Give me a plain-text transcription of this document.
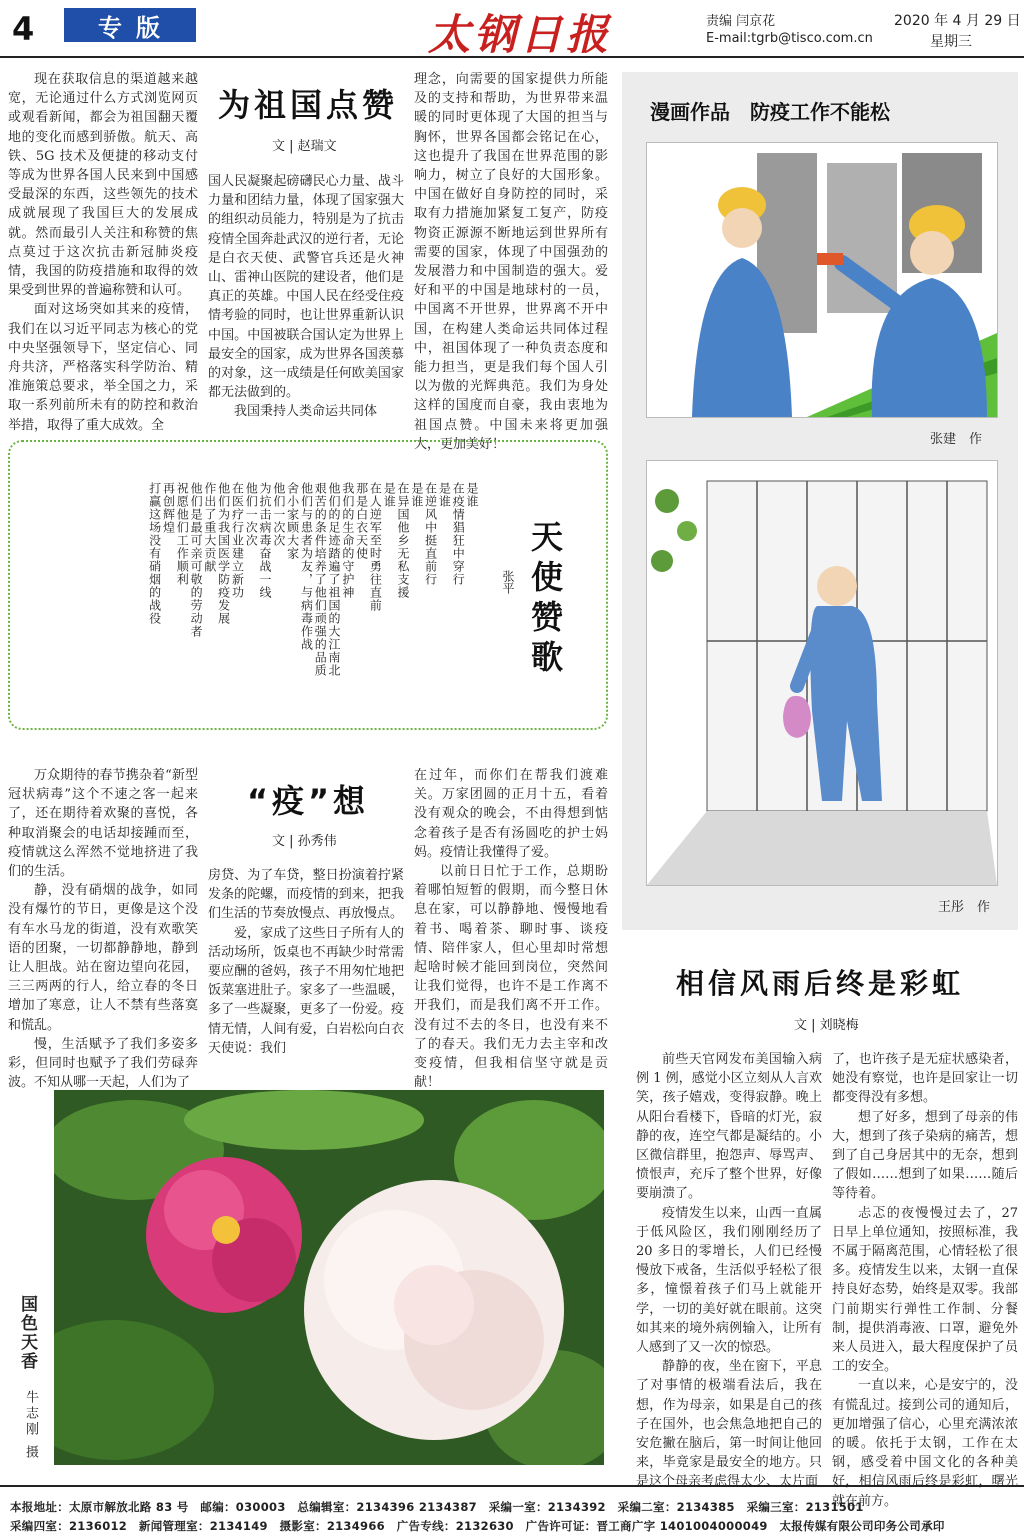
4	专版	太钢日报	责编 闫京花
E-mail:tgrb@tisco.com.cn
2020 年 4 月 29 日
星期三

现在获取信息的渠道越来越宽，无论通过什么方式浏览网页或观看新闻，都会为祖国翻天覆地的变化而感到骄傲。航天、高铁、5G 技术及便捷的移动支付等成为世界各国人民来到中国感受最深的东西，这些领先的技术成就展现了我国巨大的发展成就。然而最引人关注和称赞的焦点莫过于这次抗击新冠肺炎疫情，我国的防疫措施和取得的效果受到世界的普遍称赞和认可。

面对这场突如其来的疫情，我们在以习近平同志为核心的党中央坚强领导下，坚定信心、同舟共济，严格落实科学防治、精准施策总要求，举全国之力，采取一系列前所未有的防控和救治举措，取得了重大成效。全

为祖国点赞
文 | 赵瑞文

国人民凝聚起磅礴民心力量、战斗力量和团结力量，体现了国家强大的组织动员能力，特别是为了抗击疫情全国奔赴武汉的逆行者，无论是白衣天使、武警官兵还是火神山、雷神山医院的建设者，他们是真正的英雄。中国人民在经受住疫情考验的同时，也让世界重新认识中国。中国被联合国认定为世界上最安全的国家，成为世界各国羡慕的对象，这一成绩是任何欧美国家都无法做到的。

我国秉持人类命运共同体

理念，向需要的国家提供力所能及的支持和帮助，为世界带来温暖的同时更体现了大国的担当与胸怀，世界各国都会铭记在心，这也提升了我国在世界范围的影响力，树立了良好的大国形象。中国在做好自身防控的同时，采取有力措施加紧复工复产，防疫物资正源源不断地运到世界所有需要的国家，体现了中国强劲的发展潜力和中国制造的强大。爱好和平的中国是地球村的一员，中国离不开世界，世界离不开中国，在构建人类命运共同体过程中，祖国体现了一种负责态度和能力担当，更是我们每个国人引以为傲的光辉典范。我们为身处这样的国度而自豪，我由衷地为祖国点赞。中国未来将更加强大，更加美好！

天使赞歌
张平
是谁
在疫情猖狂中穿行
是谁
在逆风中挺直前行
是谁
在异国他乡无私支援
是谁
在人逆军至时勇往直前
那是白衣天使
我们的生命的守护神
他们的足迹踏遍了祖国的大江南北
艰苦的条件培养了他们顽强的品质
他们与患者为友，与病毒作战
舍小家顾大家
他们一次次
为抗击病毒奋战一线
他们一次次
在医疗行业建立新功
他们为我国医学防疫发展
作出了重大贡献
他们是最可亲可敬的劳动者
祝愿他们工作顺利
再创辉煌
打赢这场没有硝烟的战役

万众期待的春节携杂着“新型冠状病毒”这个不速之客一起来了，还在期待着欢聚的喜悦，各种取消聚会的电话却接踵而至，疫情就这么浑然不觉地挤进了我们的生活。

静，没有硝烟的战争，如同没有爆竹的节日，更像是这个没有车水马龙的街道，没有欢歌笑语的团聚，一切都静静地，静到让人胆战。站在窗边望向花园，三三两两的行人，给立春的冬日增加了寒意，让人不禁有些落寞和慌乱。

慢，生活赋予了我们多姿多彩，但同时也赋予了我们劳碌奔波。不知从哪一天起，人们为了

“疫”想
文 | 孙秀伟

房贷、为了车贷，整日扮演着拧紧发条的陀螺，而疫情的到来，把我们生活的节奏放慢点、再放慢点。

爱，家成了这些日子所有人的活动场所，饭桌也不再缺少时常需要应酬的爸妈，孩子不用匆忙地把饭菜塞进肚子。家多了一些温暖，多了一些凝聚，更多了一份爱。疫情无情，人间有爱，白岩松向白衣天使说：我们

在过年，而你们在帮我们渡难关。万家团圆的正月十五，看着没有观众的晚会，不由得想到惦念着孩子是否有汤圆吃的护士妈妈。疫情让我懂得了爱。

以前日日忙于工作，总期盼着哪怕短暂的假期，而今整日休息在家，可以静静地、慢慢地看着书、喝着茶、聊时事、谈疫情、陪伴家人，但心里却时常想起啥时候才能回到岗位，突然间让我们觉得，也许不是工作离不开我们，而是我们离不开工作。没有过不去的冬日，也没有来不了的春天。我们无力去主宰和改变疫情，但我相信坚守就是贡献！

漫画作品　防疫工作不能松
张建　作
王彤　作
相信风雨后终是彩虹
文 | 刘晓梅

前些天官网发布美国输入病例 1 例，感觉小区立刻从人言欢笑，孩子嬉戏，变得寂静。晚上从阳台看楼下，昏暗的灯光，寂静的夜，连空气都是凝结的。小区微信群里，抱怨声、辱骂声、愤恨声，充斥了整个世界，好像要崩溃了。

疫情发生以来，山西一直属于低风险区，我们刚刚经历了 20 多日的零增长，人们已经慢慢放下戒备，生活似乎轻松了很多，憧憬着孩子们马上就能开学，一切的美好就在眼前。这突如其来的境外病例输入，让所有人感到了又一次的惊恐。

静静的夜，坐在窗下，平息了对事情的极端看法后，我在想，作为母亲，如果是自己的孩子在国外，也会焦急地把自己的安危撇在脑后，第一时间让他回来，毕竟家是最安全的地方。只是这个母亲考虑得太少、太片面

了，也许孩子是无症状感染者，她没有察觉，也许是回家让一切都变得没有多想。

想了好多，想到了母亲的伟大，想到了孩子染病的痛苦，想到了自己身居其中的无奈，想到了假如……想到了如果……随后等待着。

忐忑的夜慢慢过去了，27 日早上单位通知，按照标准，我不属于隔离范围，心情轻松了很多。疫情发生以来，太钢一直保持良好态势，始终是双零。我部门前期实行弹性工作制、分餐制，提供消毒液、口罩，避免外来人员进入，最大程度保护了员工的安全。

一直以来，心是安宁的，没有慌乱过。接到公司的通知后，更加增强了信心，心里充满浓浓的暖。依托于太钢，工作在太钢，感受着中国文化的各种美好，相信风雨后终是彩虹，曙光就在前方。

国色天香
牛志刚 摄
本报地址：太原市解放北路 83 号　邮编：030003　总编辑室：2134396 2134387　采编一室：2134392　采编二室：2134385　采编三室：2131501
采编四室：2136012　新闻管理室：2134149　摄影室：2134966　广告专线：2132630　广告许可证：晋工商广字 1401004000049　太报传媒有限公司印务公司承印
